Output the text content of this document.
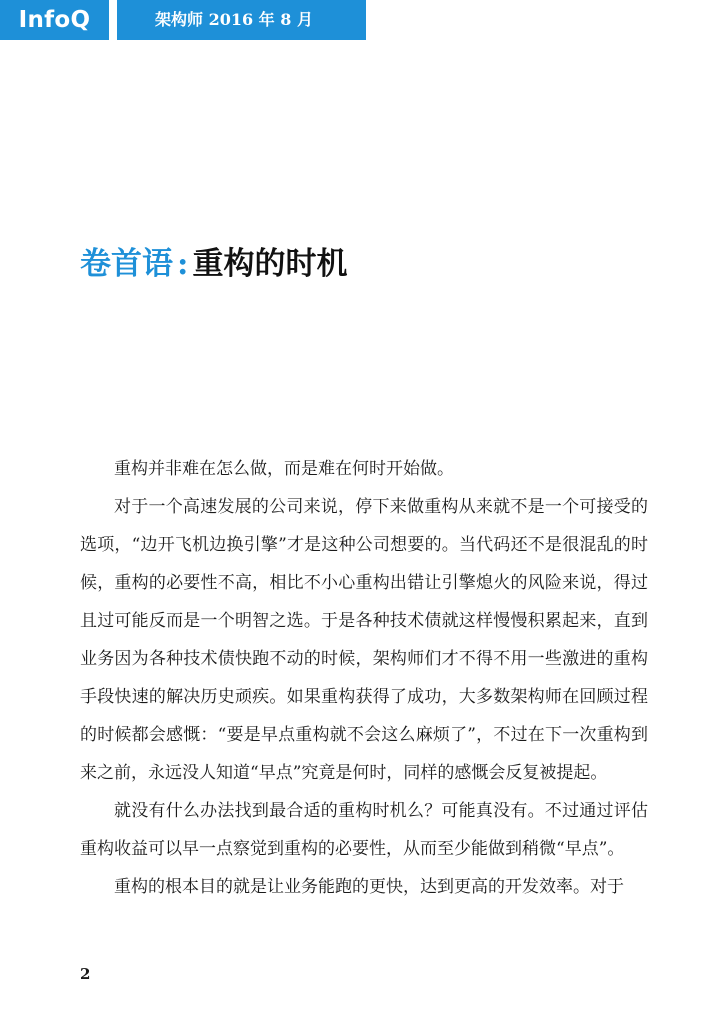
InfoQ	架构师 2016 年 8 月
卷首语 : 重构的时机

重构并非难在怎么做，而是难在何时开始做。

对于一个高速发展的公司来说，停下来做重构从来就不是一个可接受的选项，“边开飞机边换引擎”才是这种公司想要的。当代码还不是很混乱的时候，重构的必要性不高，相比不小心重构出错让引擎熄火的风险来说，得过且过可能反而是一个明智之选。于是各种技术债就这样慢慢积累起来，直到业务因为各种技术债快跑不动的时候，架构师们才不得不用一些激进的重构手段快速的解决历史顽疾。如果重构获得了成功，大多数架构师在回顾过程的时候都会感慨：“要是早点重构就不会这么麻烦了”，不过在下一次重构到来之前，永远没人知道“早点”究竟是何时，同样的感慨会反复被提起。

就没有什么办法找到最合适的重构时机么？可能真没有。不过通过评估重构收益可以早一点察觉到重构的必要性，从而至少能做到稍微“早点”。

重构的根本目的就是让业务能跑的更快，达到更高的开发效率。对于

2
